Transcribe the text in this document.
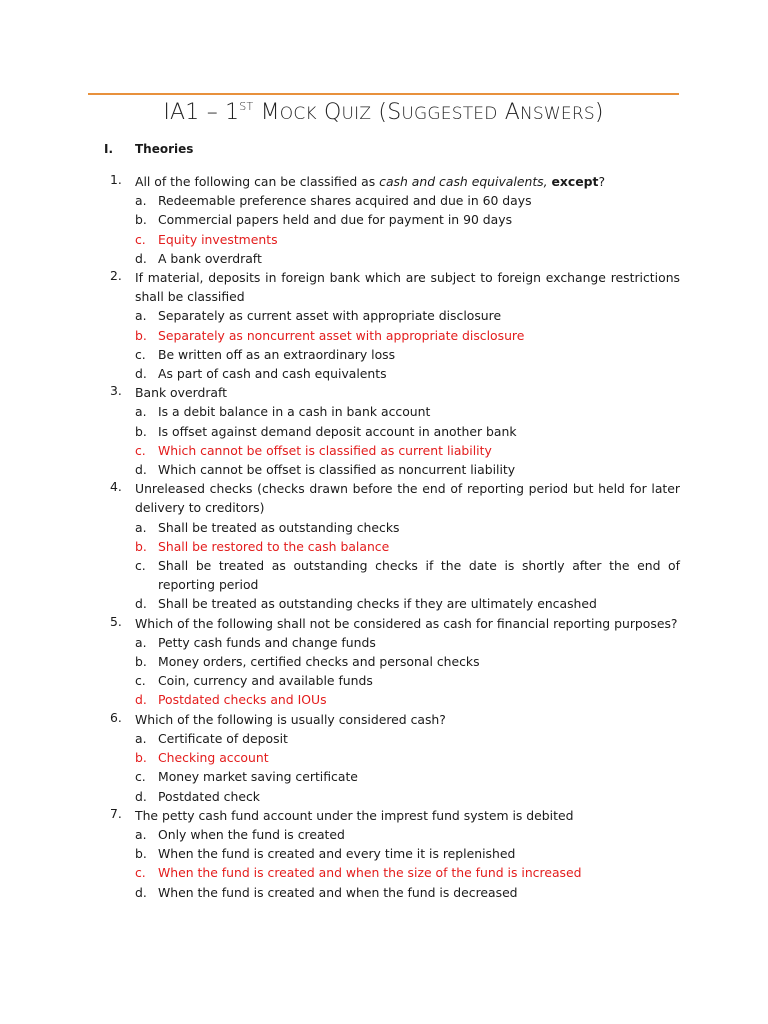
IA1 – 1ST MOCK QUIZ (SUGGESTED ANSWERS)
I. Theories
1.	All of the following can be classified as cash and cash equivalents, except?
a. Redeemable preference shares acquired and due in 60 days
b. Commercial papers held and due for payment in 90 days
c. Equity investments
d. A bank overdraft
2.	If material, deposits in foreign bank which are subject to foreign exchange restrictions shall be classified
a. Separately as current asset with appropriate disclosure
b. Separately as noncurrent asset with appropriate disclosure
c. Be written off as an extraordinary loss
d. As part of cash and cash equivalents
3.	Bank overdraft
a. Is a debit balance in a cash in bank account
b. Is offset against demand deposit account in another bank
c. Which cannot be offset is classified as current liability
d. Which cannot be offset is classified as noncurrent liability
4.	Unreleased checks (checks drawn before the end of reporting period but held for later delivery to creditors)
a. Shall be treated as outstanding checks
b. Shall be restored to the cash balance
c. Shall be treated as outstanding checks if the date is shortly after the end of reporting period
d. Shall be treated as outstanding checks if they are ultimately encashed
5.	Which of the following shall not be considered as cash for financial reporting purposes?
a. Petty cash funds and change funds
b. Money orders, certified checks and personal checks
c. Coin, currency and available funds
d. Postdated checks and IOUs
6.	Which of the following is usually considered cash?
a. Certificate of deposit
b. Checking account
c. Money market saving certificate
d. Postdated check
7.	The petty cash fund account under the imprest fund system is debited
a. Only when the fund is created
b. When the fund is created and every time it is replenished
c. When the fund is created and when the size of the fund is increased
d. When the fund is created and when the fund is decreased
